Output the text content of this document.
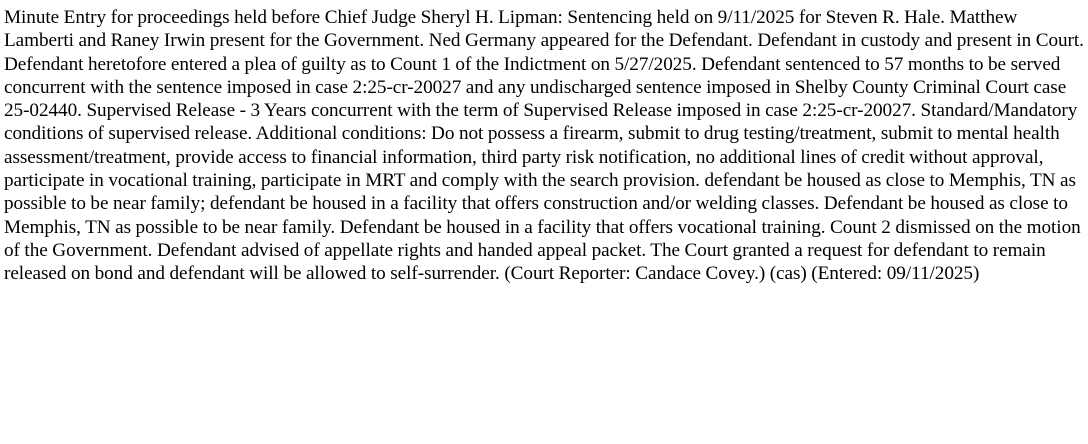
Minute Entry for proceedings held before Chief Judge Sheryl H. Lipman: Sentencing held on 9/11/2025 for Steven R. Hale. Matthew Lamberti and Raney Irwin present for the Government. Ned Germany appeared for the Defendant. Defendant in custody and present in Court. Defendant heretofore entered a plea of guilty as to Count 1 of the Indictment on 5/27/2025. Defendant sentenced to 57 months to be served concurrent with the sentence imposed in case 2:25-cr-20027 and any undischarged sentence imposed in Shelby County Criminal Court case 25-02440. Supervised Release - 3 Years concurrent with the term of Supervised Release imposed in case 2:25-cr-20027. Standard/Mandatory conditions of supervised release. Additional conditions: Do not possess a firearm, submit to drug testing/treatment, submit to mental health assessment/treatment, provide access to financial information, third party risk notification, no additional lines of credit without approval, participate in vocational training, participate in MRT and comply with the search provision. defendant be housed as close to Memphis, TN as possible to be near family; defendant be housed in a facility that offers construction and/or welding classes. Defendant be housed as close to Memphis, TN as possible to be near family. Defendant be housed in a facility that offers vocational training. Count 2 dismissed on the motion of the Government. Defendant advised of appellate rights and handed appeal packet. The Court granted a request for defendant to remain released on bond and defendant will be allowed to self-surrender. (Court Reporter: Candace Covey.) (cas) (Entered: 09/11/2025)
